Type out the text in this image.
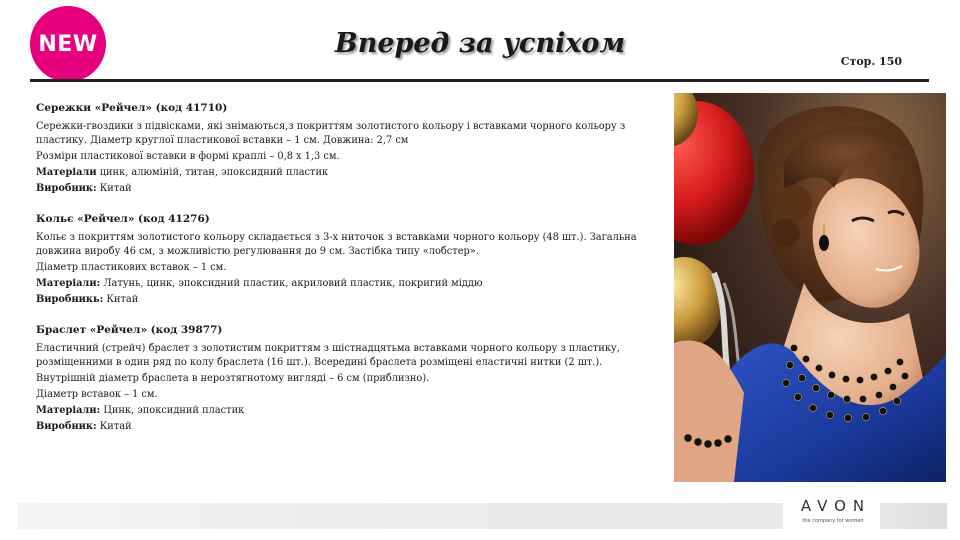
NEW	Вперед за успіхом
Стор. 150
Сережки «Рейчел» (код 41710)

Сережки-гвоздики з підвісками, які знімаються,з покриттям золотистого кольору і вставками чорного кольору з пластику. Діаметр круглої пластикової вставки – 1 см. Довжина: 2,7 см

Розміри пластикової вставки в формі краплі – 0,8 х 1,3 см.

Матеріали цинк, алюміній, титан, эпоксидний пластик

Виробник: Китай

Кольє «Рейчел» (код 41276)

Кольє з покриттям золотистого кольору складається з 3-х ниточок з вставками чорного кольору (48 шт.). Загальна довжина виробу 46 см, з можливістю регулювання до 9 см. Застібка типу «лобстер».

Діаметр пластикових вставок – 1 см.

Матеріали: Латунь, цинк, эпоксидний пластик, акриловий пластик, покригий міддю

Виробникь: Китай

Браслет «Рейчел» (код 39877)

Еластичний (стрейч) браслет з золотистим покриттям з шістнадцятьма вставками чорного кольору з пластику, розміщенними в один ряд по колу браслета (16 шт.). Всередині браслета розміщені еластичні нитки (2 шт.).

Внутрішній діаметр браслета в нерозтягнотому вигляді – 6 см (приблизно).

Діаметр вставок – 1 см.

Матеріали: Цинк, эпоксидний пластик

Виробник: Китай

AVON
the company for women
